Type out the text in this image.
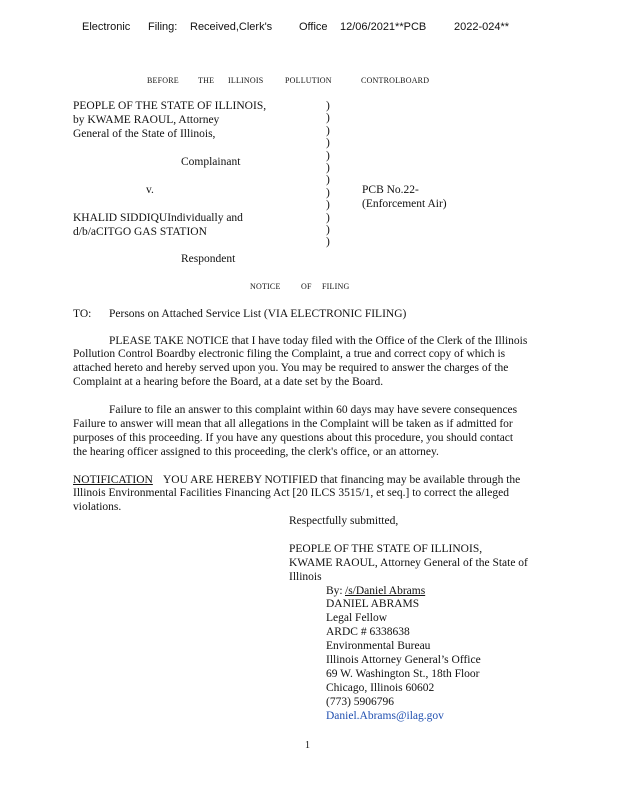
Electronic Filing: Received,Clerk's Office 12/06/2021**PCB	2022-024**
BEFORE THE ILLINOIS	POLLUTION	CONTROLBOARD
PEOPLE OF THE STATE OF ILLINOIS,
by KWAME RAOUL, Attorney
General of the State of Illinois,
Complainant
v.
KHALID SIDDIQUIndividually and
d/b/aCITGO GAS STATION
Respondent
)
)
)
)
)
)
)
)
)
)
)
)
PCB No.22-
(Enforcement Air)
NOTICE	OF FILING
TO: Persons on Attached Service List (VIA ELECTRONIC FILING)
PLEASE TAKE NOTICE that I have today filed with the Office of the Clerk of the Illinois
Pollution Control Boardby electronic filing the Complaint, a true and correct copy of which is
attached hereto and hereby served upon you. You may be required to answer the charges of the
Complaint at a hearing before the Board, at a date set by the Board.
Failure to file an answer to this complaint within 60 days may have severe consequences
Failure to answer will mean that all allegations in the Complaint will be taken as if admitted for
purposes of this proceeding. If you have any questions about this procedure, you should contact
the hearing officer assigned to this proceeding, the clerk's office, or an attorney.
NOTIFICATION YOU ARE HEREBY NOTIFIED that financing may be available through the
Illinois Environmental Facilities Financing Act [20 ILCS 3515/1, et seq.] to correct the alleged
violations.
Respectfully submitted,
PEOPLE OF THE STATE OF ILLINOIS,
KWAME RAOUL, Attorney General of the State of
Illinois
By: /s/Daniel Abrams
DANIEL ABRAMS
Legal Fellow
ARDC # 6338638
Environmental Bureau
Illinois Attorney General’s Office
69 W. Washington St., 18th Floor
Chicago, Illinois 60602
(773) 5906796
Daniel.Abrams@ilag.gov
1
